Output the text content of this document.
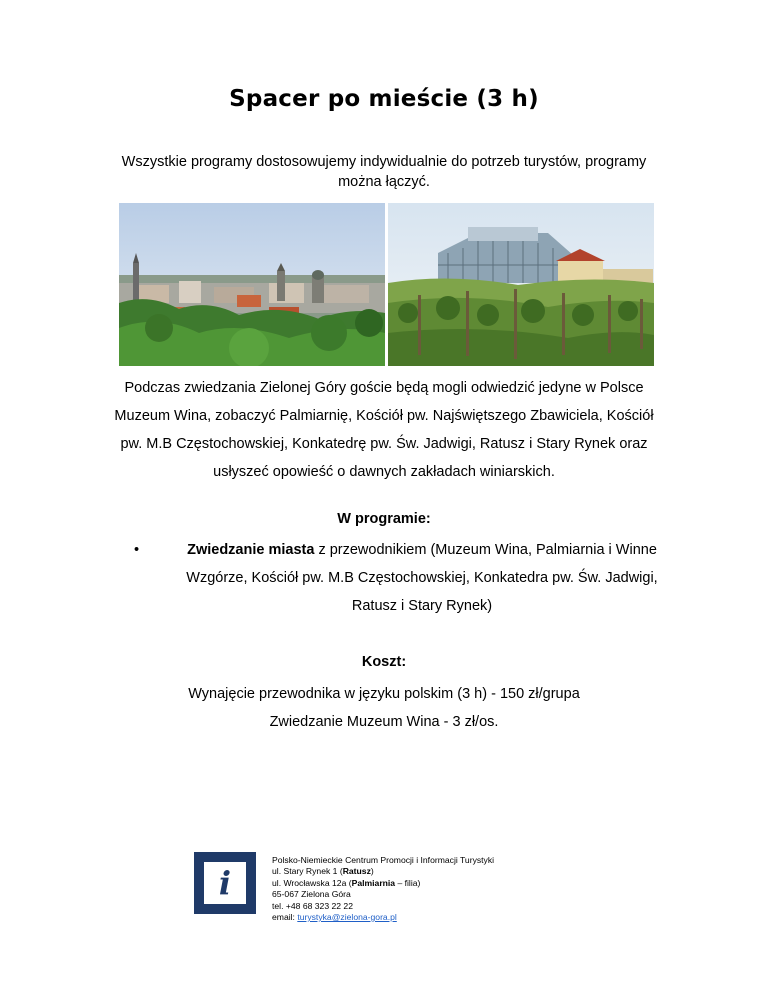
Spacer po mieście (3 h)
Wszystkie programy dostosowujemy indywidualnie do potrzeb turystów, programy
można łączyć.
Podczas zwiedzania Zielonej Góry goście będą mogli odwiedzić jedyne w Polsce
Muzeum Wina, zobaczyć Palmiarnię, Kościół pw. Najświętszego Zbawiciela, Kościół
pw. M.B Częstochowskiej, Konkatedrę pw. Św. Jadwigi, Ratusz i Stary Rynek oraz
usłyszeć opowieść o dawnych zakładach winiarskich.
W programie:
•	Zwiedzanie miasta z przewodnikiem (Muzeum Wina, Palmiarnia i Winne
Wzgórze, Kościół pw. M.B Częstochowskiej, Konkatedra pw. Św. Jadwigi,
Ratusz i Stary Rynek)
Koszt:
Wynajęcie przewodnika w języku polskim (3 h) - 150 zł/grupa
Zwiedzanie Muzeum Wina - 3 zł/os.
i
Polsko-Niemieckie Centrum Promocji i Informacji Turystyki
ul. Stary Rynek 1 (Ratusz)
ul. Wrocławska 12a (Palmiarnia – filia)
65-067 Zielona Góra
tel. +48 68 323 22 22
email: turystyka@zielona-gora.pl
